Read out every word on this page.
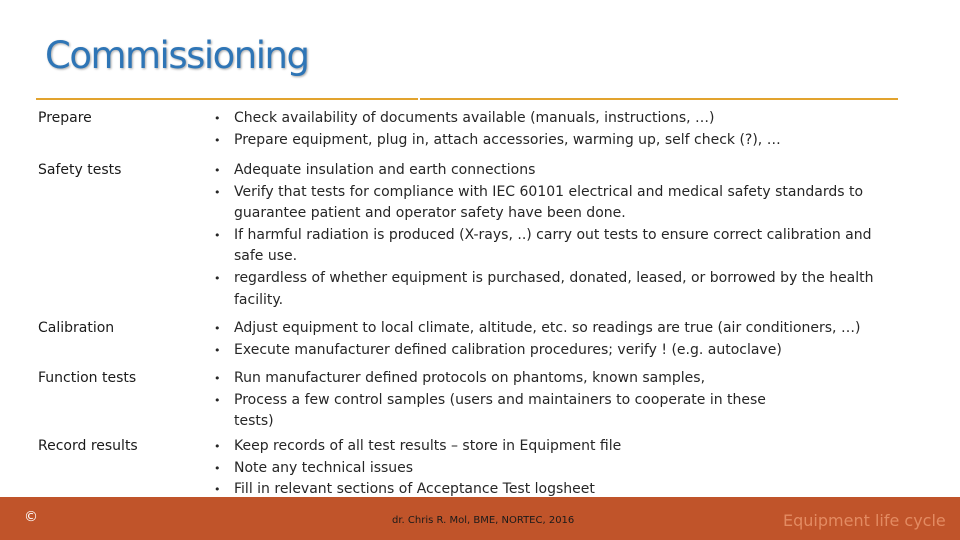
Commissioning
Prepare	• Check availability of documents available (manuals, instructions, …)
• Prepare equipment, plug in, attach accessories, warming up, self check (?), …
Safety tests	• Adequate insulation and earth connections
• Verify that tests for compliance with IEC 60101 electrical and medical safety standards to guarantee patient and operator safety have been done.
• If harmful radiation is produced (X-rays, ..) carry out tests to ensure correct calibration and safe use.
• regardless of whether equipment is purchased, donated, leased, or borrowed by the health facility.
Calibration	• Adjust equipment to local climate, altitude, etc. so readings are true (air conditioners, …)
• Execute manufacturer defined calibration procedures; verify ! (e.g. autoclave)
Function tests	• Run manufacturer defined protocols on phantoms, known samples,
• Process a few control samples (users and maintainers to cooperate in these tests)
Record results	• Keep records of all test results – store in Equipment file
• Note any technical issues
• Fill in relevant sections of Acceptance Test logsheet
©	dr. Chris R. Mol, BME, NORTEC, 2016	Equipment life cycle
